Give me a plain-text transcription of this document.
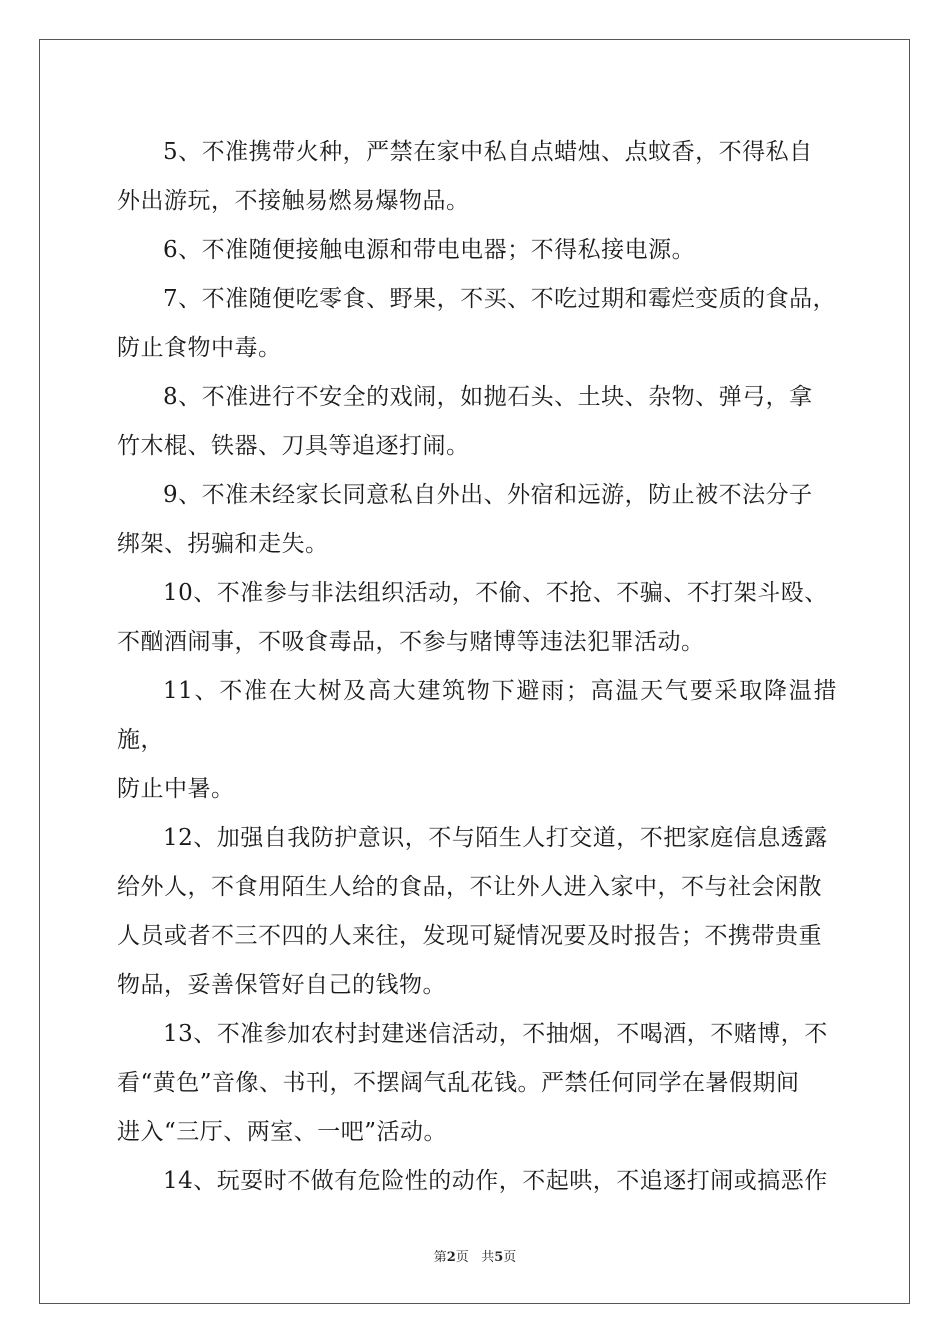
5、不准携带火种，严禁在家中私自点蜡烛、点蚊香，不得私自
外出游玩，不接触易燃易爆物品。

6、不准随便接触电源和带电电器；不得私接电源。

7、不准随便吃零食、野果，不买、不吃过期和霉烂变质的食品，
防止食物中毒。

8、不准进行不安全的戏闹，如抛石头、土块、杂物、弹弓，拿
竹木棍、铁器、刀具等追逐打闹。

9、不准未经家长同意私自外出、外宿和远游，防止被不法分子
绑架、拐骗和走失。

10、不准参与非法组织活动，不偷、不抢、不骗、不打架斗殴、
不酗酒闹事，不吸食毒品，不参与赌博等违法犯罪活动。

11、不准在大树及高大建筑物下避雨；高温天气要采取降温措施，
防止中暑。

12、加强自我防护意识，不与陌生人打交道，不把家庭信息透露
给外人，不食用陌生人给的食品，不让外人进入家中，不与社会闲散
人员或者不三不四的人来往，发现可疑情况要及时报告；不携带贵重
物品，妥善保管好自己的钱物。

13、不准参加农村封建迷信活动，不抽烟，不喝酒，不赌博，不
看“黄色”音像、书刊，不摆阔气乱花钱。严禁任何同学在暑假期间
进入“三厅、两室、一吧”活动。

14、玩耍时不做有危险性的动作，不起哄，不追逐打闹或搞恶作

第2页 共5页
